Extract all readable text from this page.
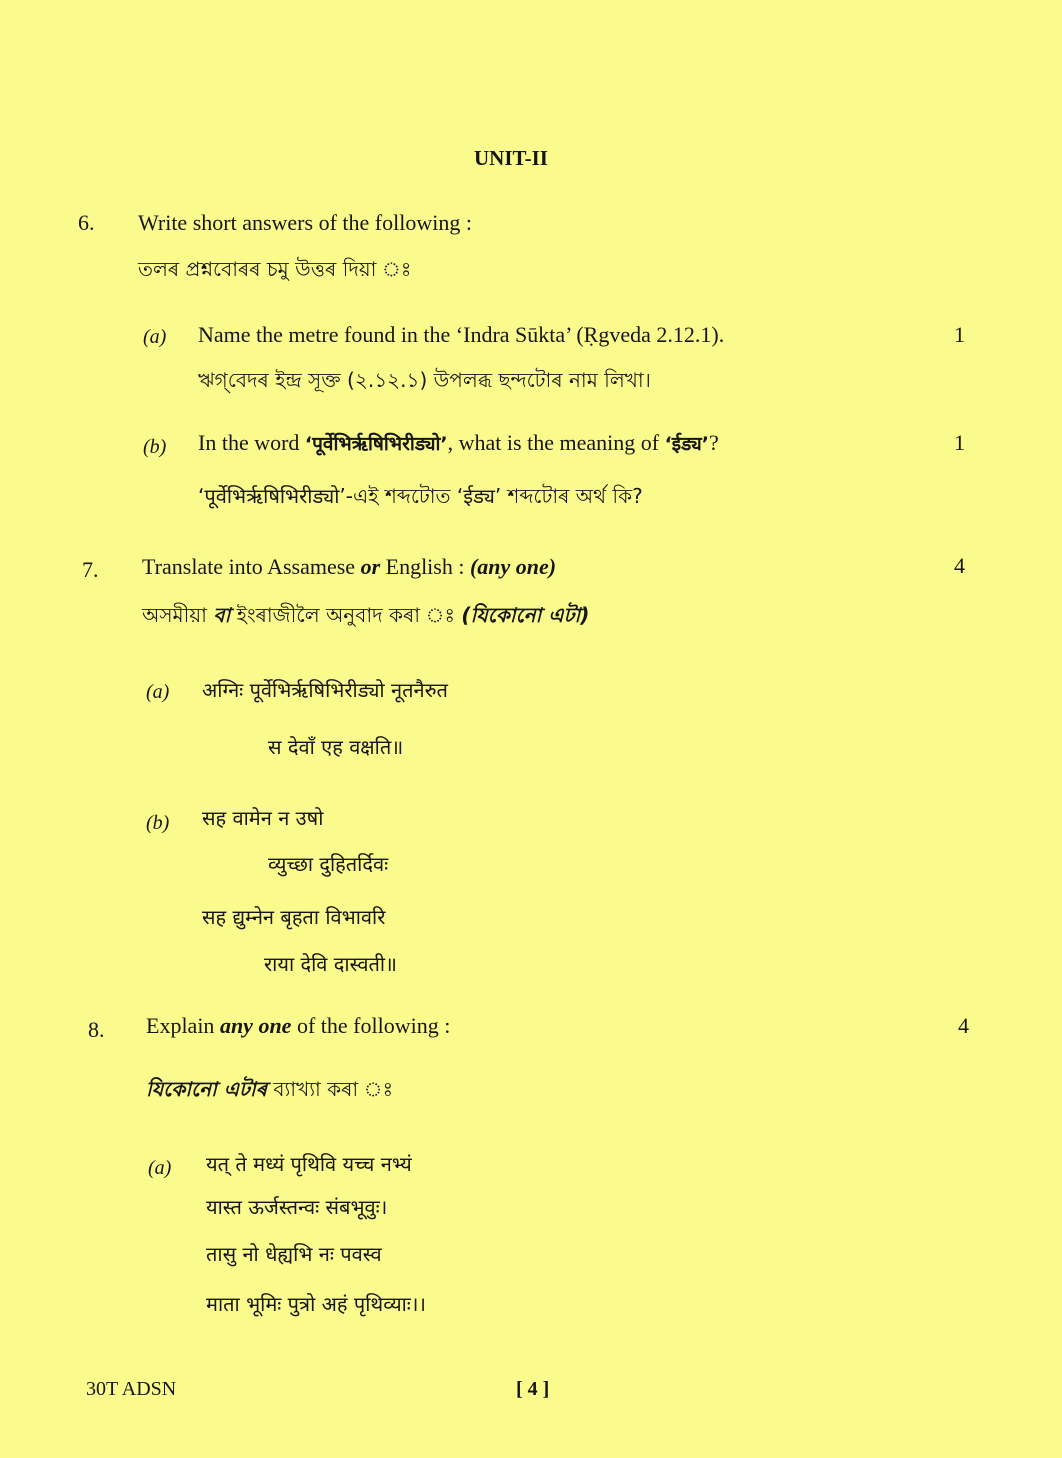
UNIT-II
6. Write short answers of the following :
তলৰ প্ৰশ্নবোৰৰ চমু উত্তৰ দিয়া ঃ
(a) Name the metre found in the ‘Indra Sūkta’ (Ṛgveda 2.12.1).
ঋগ্‌বেদৰ ইন্দ্ৰ সূক্ত (২.১২.১) উপলব্ধ ছন্দটোৰ নাম লিখা।
1
(b) In the word ‘पूर्वेभिर्ऋषिभिरीड्यो’, what is the meaning of ‘ईड्य’?
‘पूर्वेभिर्ऋषिभिरीड्यो’-এই শব্দটোত ‘ईड्य’ শব্দটোৰ অৰ্থ কি?
1
7. Translate into Assamese or English : (any one)
অসমীয়া বা ইংৰাজীলৈ অনুবাদ কৰা ঃ (যিকোনো এটা)
4
(a) अग्निः पूर्वेभिर्ऋषिभिरीड्यो नूतनैरुत
स देवाँ एह वक्षति॥
(b) सह वामेन न उषो
व्युच्छा दुहितर्दिवः
सह द्युम्नेन बृहता विभावरि
राया देवि दास्वती॥
8. Explain any one of the following :
যিকোনো এটাৰ ব্যাখ্যা কৰা ঃ
4
(a) यत् ते मध्यं पृथिवि यच्च नभ्यं
यास्त ऊर्जस्तन्वः संबभूवुः।
तासु नो धेह्यभि नः पवस्व
माता भूमिः पुत्रो अहं पृथिव्याः।।
30T ADSN	[ 4 ]
